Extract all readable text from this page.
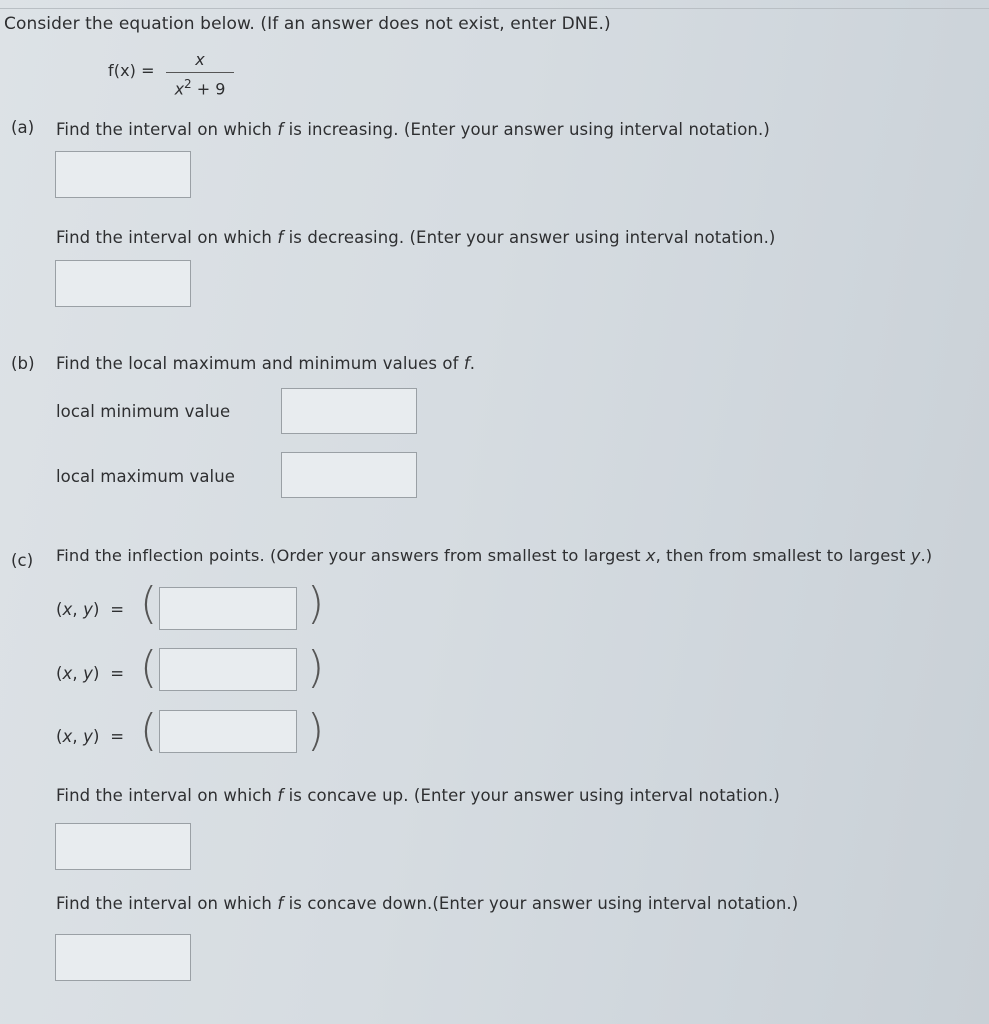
Consider the equation below. (If an answer does not exist, enter DNE.)
f(x) =
x
$x^2 + 9$
(a) Find the interval on which f is increasing. (Enter your answer using interval notation.)
Find the interval on which f is decreasing. (Enter your answer using interval notation.)
(b) Find the local maximum and minimum values of f.
local minimum value
local maximum value
(c) Find the inflection points. (Order your answers from smallest to largest x, then from smallest to largest y.)
(x, y) = (	)
(x, y) = (	)
(x, y) = (	)
Find the interval on which f is concave up. (Enter your answer using interval notation.)
Find the interval on which f is concave down.(Enter your answer using interval notation.)
